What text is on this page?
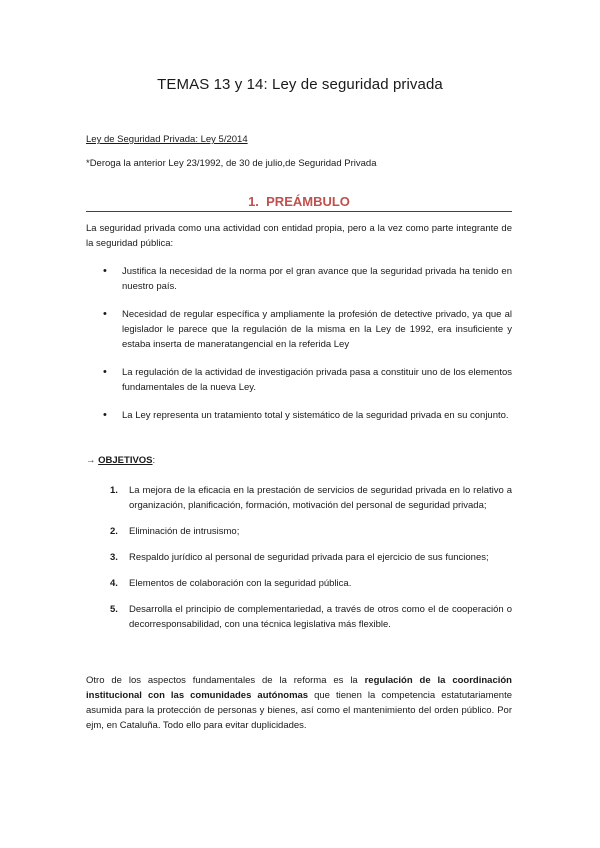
TEMAS 13 y 14: Ley de seguridad privada
Ley de Seguridad Privada: Ley 5/2014
*Deroga la anterior Ley 23/1992, de 30 de julio,de Seguridad Privada
1. PREÁMBULO
La seguridad privada como una actividad con entidad propia, pero a la vez como parte integrante de la seguridad pública:
• Justifica la necesidad de la norma por el gran avance que la seguridad privada ha tenido en nuestro país.
• Necesidad de regular específica y ampliamente la profesión de detective privado, ya que al legislador le parece que la regulación de la misma en la Ley de 1992, era insuficiente y estaba inserta de maneratangencial en la referida Ley
• La regulación de la actividad de investigación privada pasa a constituir uno de los elementos fundamentales de la nueva Ley.
• La Ley representa un tratamiento total y sistemático de la seguridad privada en su conjunto.
→ OBJETIVOS:
1. La mejora de la eficacia en la prestación de servicios de seguridad privada en lo relativo a organización, planificación, formación, motivación del personal de seguridad privada;
2. Eliminación de intrusismo;
3. Respaldo jurídico al personal de seguridad privada para el ejercicio de sus funciones;
4. Elementos de colaboración con la seguridad pública.
5. Desarrolla el principio de complementariedad, a través de otros como el de cooperación o decorresponsabilidad, con una técnica legislativa más flexible.
Otro de los aspectos fundamentales de la reforma es la regulación de la coordinación institucional con las comunidades autónomas que tienen la competencia estatutariamente asumida para la protección de personas y bienes, así como el mantenimiento del orden público. Por ejm, en Cataluña. Todo ello para evitar duplicidades.
